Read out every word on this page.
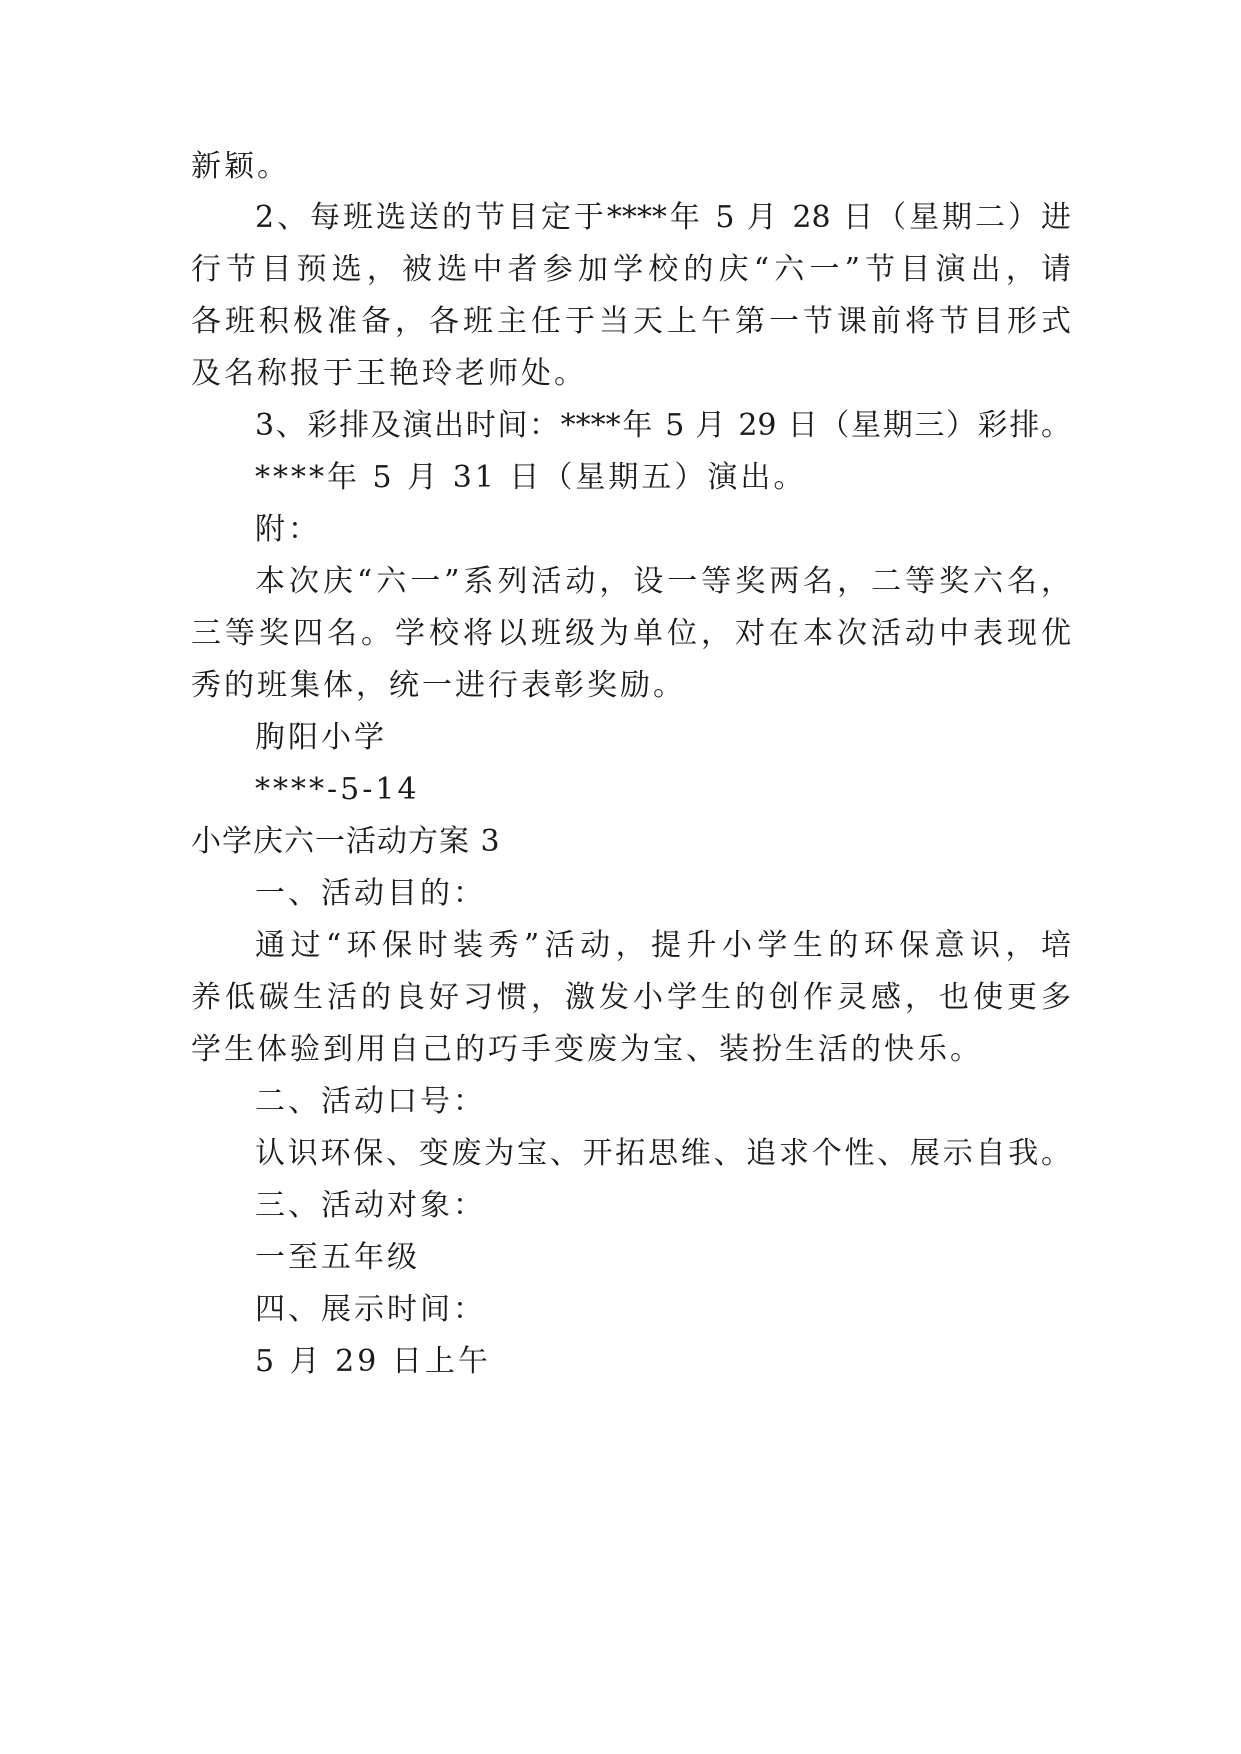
新颖。
2、每班选送的节目定于****年 5 月 28 日（星期二）进
行节目预选，被选中者参加学校的庆“六一”节目演出，请
各班积极准备，各班主任于当天上午第一节课前将节目形式
及名称报于王艳玲老师处。
3、彩排及演出时间：****年 5 月 29 日（星期三）彩排。
****年 5 月 31 日（星期五）演出。
附：
本次庆“六一”系列活动，设一等奖两名，二等奖六名，
三等奖四名。学校将以班级为单位，对在本次活动中表现优
秀的班集体，统一进行表彰奖励。
朐阳小学
****-5-14
小学庆六一活动方案 3
一、活动目的：
通过“环保时装秀”活动，提升小学生的环保意识，培
养低碳生活的良好习惯，激发小学生的创作灵感，也使更多
学生体验到用自己的巧手变废为宝、装扮生活的快乐。
二、活动口号：
认识环保、变废为宝、开拓思维、追求个性、展示自我。
三、活动对象：
一至五年级
四、展示时间：
5 月 29 日上午
